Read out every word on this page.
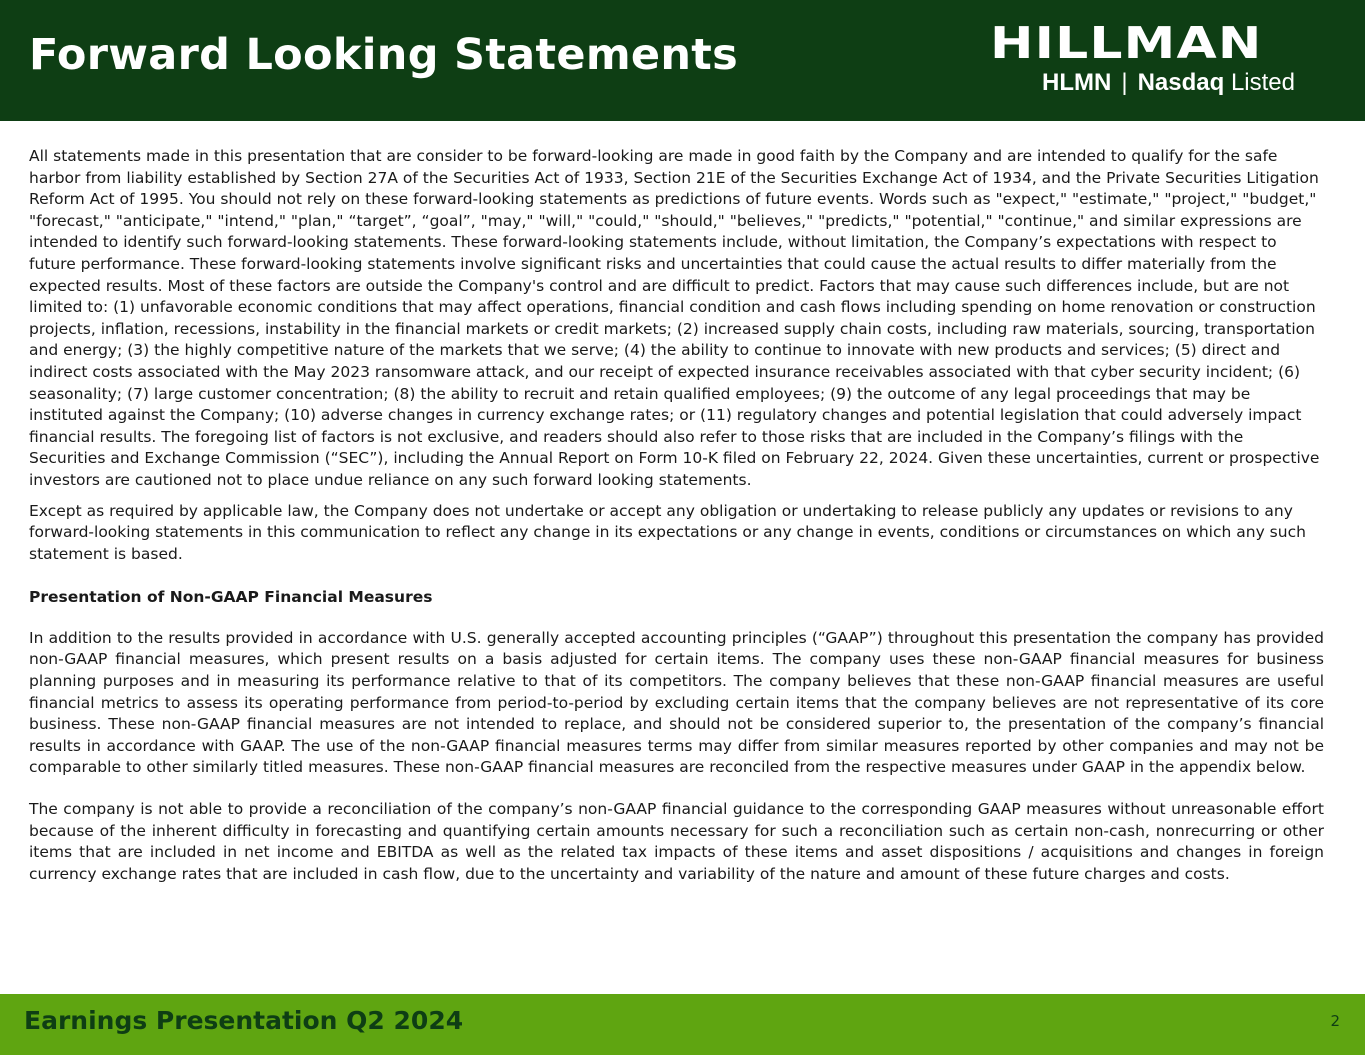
Forward Looking Statements	HILLMAN
HLMN | Nasdaq Listed

All statements made in this presentation that are consider to be forward-looking are made in good faith by the Company and are intended to qualify for the safe harbor from liability established by Section 27A of the Securities Act of 1933, Section 21E of the Securities Exchange Act of 1934, and the Private Securities Litigation Reform Act of 1995. You should not rely on these forward-looking statements as predictions of future events. Words such as "expect," "estimate," "project," "budget," "forecast," "anticipate," "intend," "plan," “target”, “goal”, "may," "will," "could," "should," "believes," "predicts," "potential," "continue," and similar expressions are intended to identify such forward-looking statements. These forward-looking statements include, without limitation, the Company’s expectations with respect to future performance. These forward-looking statements involve significant risks and uncertainties that could cause the actual results to differ materially from the expected results. Most of these factors are outside the Company's control and are difficult to predict. Factors that may cause such differences include, but are not limited to: (1) unfavorable economic conditions that may affect operations, financial condition and cash flows including spending on home renovation or construction projects, inflation, recessions, instability in the financial markets or credit markets; (2) increased supply chain costs, including raw materials, sourcing, transportation and energy; (3) the highly competitive nature of the markets that we serve; (4) the ability to continue to innovate with new products and services; (5) direct and indirect costs associated with the May 2023 ransomware attack, and our receipt of expected insurance receivables associated with that cyber security incident; (6) seasonality; (7) large customer concentration; (8) the ability to recruit and retain qualified employees; (9) the outcome of any legal proceedings that may be instituted against the Company; (10) adverse changes in currency exchange rates; or (11) regulatory changes and potential legislation that could adversely impact financial results. The foregoing list of factors is not exclusive, and readers should also refer to those risks that are included in the Company’s filings with the Securities and Exchange Commission (“SEC”), including the Annual Report on Form 10-K filed on February 22, 2024. Given these uncertainties, current or prospective investors are cautioned not to place undue reliance on any such forward looking statements.

Except as required by applicable law, the Company does not undertake or accept any obligation or undertaking to release publicly any updates or revisions to any forward-looking statements in this communication to reflect any change in its expectations or any change in events, conditions or circumstances on which any such statement is based.

Presentation of Non-GAAP Financial Measures

In addition to the results provided in accordance with U.S. generally accepted accounting principles (“GAAP”) throughout this presentation the company has provided non-GAAP financial measures, which present results on a basis adjusted for certain items. The company uses these non-GAAP financial measures for business planning purposes and in measuring its performance relative to that of its competitors. The company believes that these non-GAAP financial measures are useful financial metrics to assess its operating performance from period-to-period by excluding certain items that the company believes are not representative of its core business. These non-GAAP financial measures are not intended to replace, and should not be considered superior to, the presentation of the company’s financial results in accordance with GAAP. The use of the non-GAAP financial measures terms may differ from similar measures reported by other companies and may not be comparable to other similarly titled measures. These non-GAAP financial measures are reconciled from the respective measures under GAAP in the appendix below.

The company is not able to provide a reconciliation of the company’s non-GAAP financial guidance to the corresponding GAAP measures without unreasonable effort because of the inherent difficulty in forecasting and quantifying certain amounts necessary for such a reconciliation such as certain non-cash, nonrecurring or other items that are included in net income and EBITDA as well as the related tax impacts of these items and asset dispositions / acquisitions and changes in foreign currency exchange rates that are included in cash flow, due to the uncertainty and variability of the nature and amount of these future charges and costs.

Earnings Presentation Q2 2024	2
